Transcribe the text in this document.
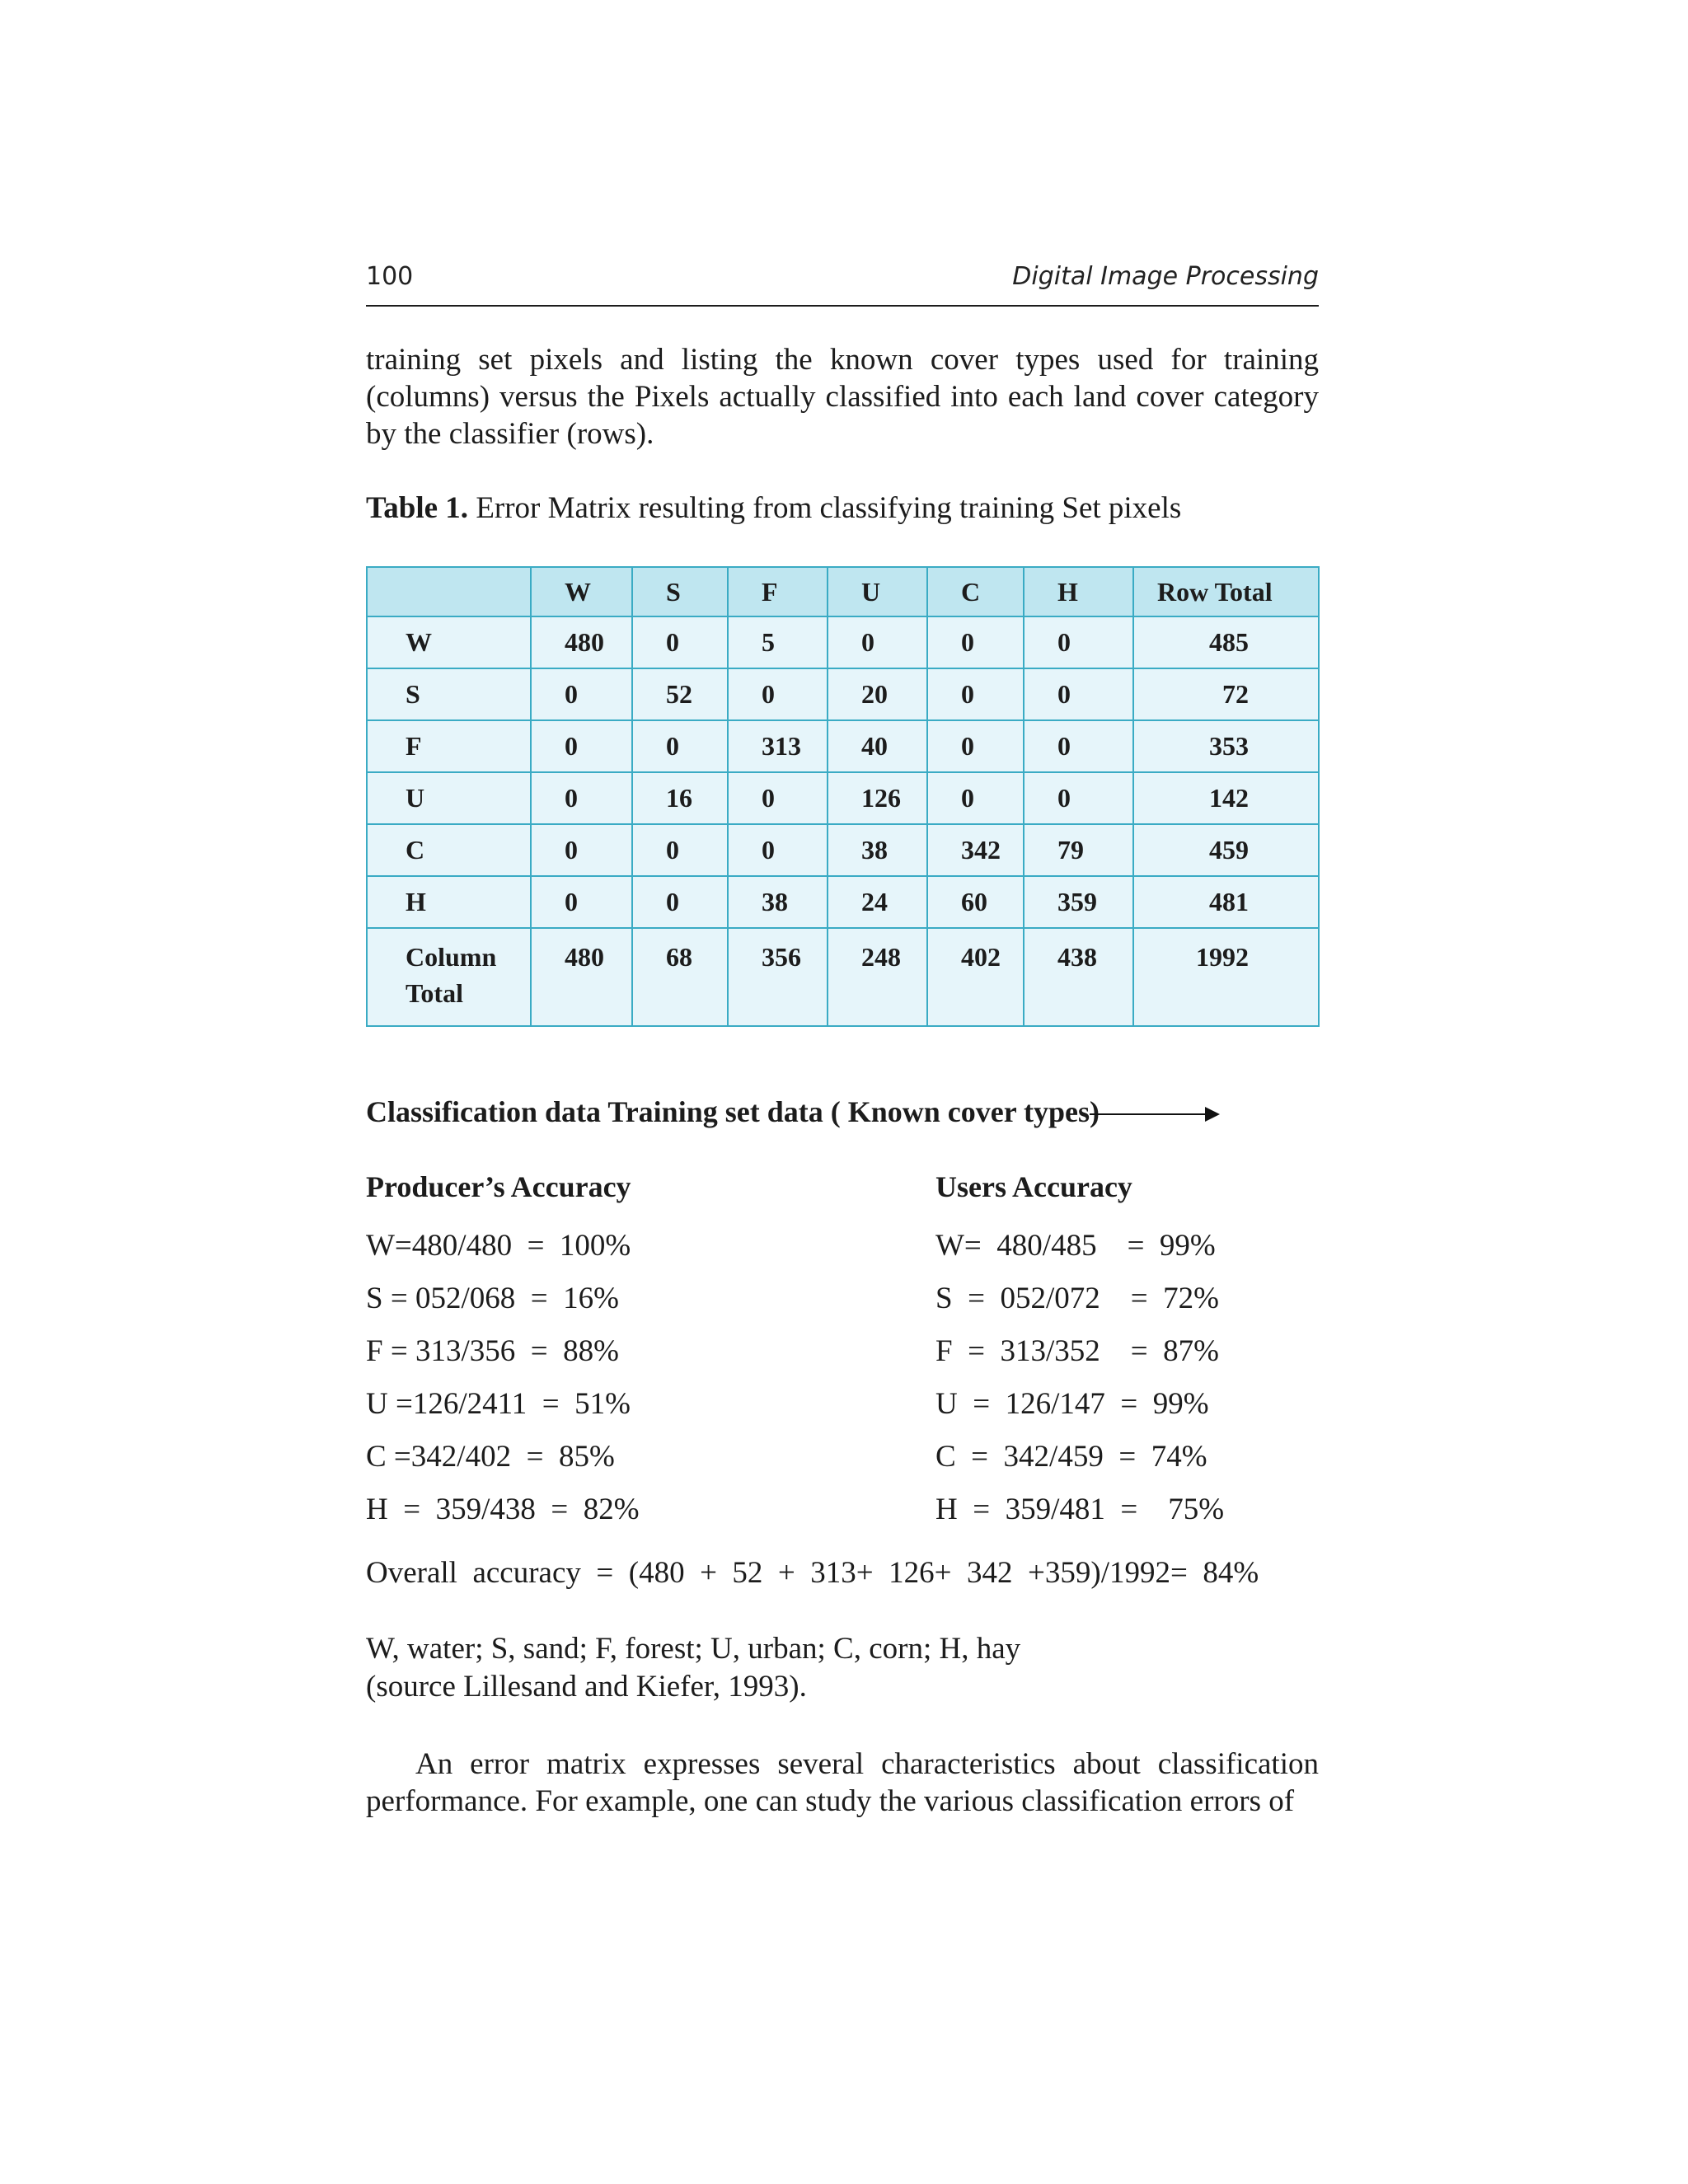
100	Digital Image Processing
training set pixels and listing the known cover types used for training (columns) versus the Pixels actually classified into each land cover category by the classifier (rows).
Table 1. Error Matrix resulting from classifying training Set pixels
	W	S	F	U	C	H	Row Total
W	480	0	5	0	0	0	485
S	0	52	0	20	0	0	72
F	0	0	313	40	0	0	353
U	0	16	0	126	0	0	142
C	0	0	0	38	342	79	459
H	0	0	38	24	60	359	481
Column Total	480	68	356	248	402	438	1992
Classification data Training set data ( Known cover types)
Producer’s Accuracy
W=480/480  =  100%
S = 052/068  =  16%
F = 313/356  =  88%
U =126/2411  =  51%
C =342/402  =  85%
H  =  359/438  =  82%
Users Accuracy
W=  480/485    =  99%
S  =  052/072    =  72%
F  =  313/352    =  87%
U  =  126/147  =  99%
C  =  342/459  =  74%
H  =  359/481  =    75%
Overall  accuracy  =  (480  +  52  +  313+  126+  342  +359)/1992=  84%
W, water; S, sand; F, forest; U, urban; C, corn; H, hay
(source Lillesand and Kiefer, 1993).
An error matrix expresses several characteristics about classification performance. For example, one can study the various classification errors of
